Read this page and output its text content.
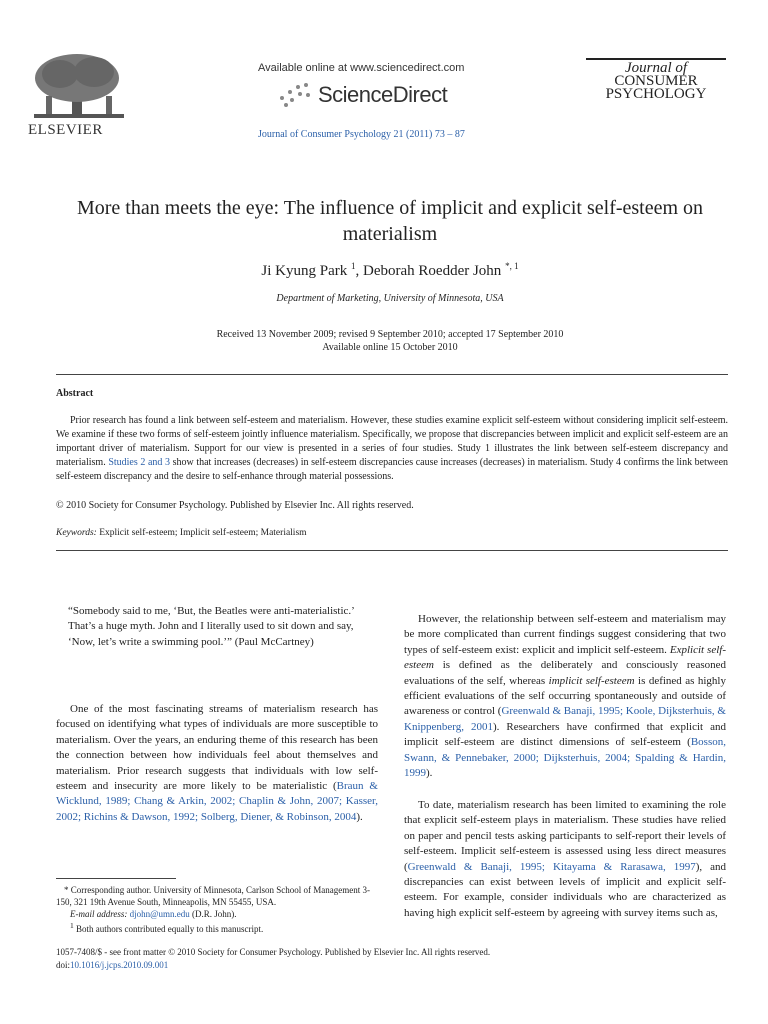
ELSEVIER
Available online at www.sciencedirect.com
ScienceDirect
Journal of Consumer Psychology 21 (2011) 73 – 87
Journal of
CONSUMER
PSYCHOLOGY
More than meets the eye: The influence of implicit and explicit self-esteem on materialism
Ji Kyung Park $^1$, Deborah Roedder John $^{*, 1}$
Department of Marketing, University of Minnesota, USA
Received 13 November 2009; revised 9 September 2010; accepted 17 September 2010
Available online 15 October 2010
Abstract
Prior research has found a link between self-esteem and materialism. However, these studies examine explicit self-esteem without considering implicit self-esteem. We examine if these two forms of self-esteem jointly influence materialism. Specifically, we propose that discrepancies between implicit and explicit self-esteem are an important driver of materialism. Support for our view is presented in a series of four studies. Study 1 illustrates the link between self-esteem discrepancy and materialism. Studies 2 and 3 show that increases (decreases) in self-esteem discrepancies cause increases (decreases) in materialism. Study 4 confirms the link between self-esteem discrepancy and the desire to self-enhance through material possessions.
© 2010 Society for Consumer Psychology. Published by Elsevier Inc. All rights reserved.
Keywords: Explicit self-esteem; Implicit self-esteem; Materialism
“Somebody said to me, ‘But, the Beatles were anti-materialistic.’ That’s a huge myth. John and I literally used to sit down and say, ‘Now, let’s write a swimming pool.’” (Paul McCartney)
One of the most fascinating streams of materialism research has focused on identifying what types of individuals are more susceptible to materialism. Over the years, an enduring theme of this research has been the connection between how individuals feel about themselves and materialism. Prior research suggests that individuals with low self-esteem and insecurity are more likely to be materialistic (Braun & Wicklund, 1989; Chang & Arkin, 2002; Chaplin & John, 2007; Kasser, 2002; Richins & Dawson, 1992; Solberg, Diener, & Robinson, 2004).
* Corresponding author. University of Minnesota, Carlson School of Management 3-150, 321 19th Avenue South, Minneapolis, MN 55455, USA.
E-mail address: djohn@umn.edu (D.R. John).
$^1$ Both authors contributed equally to this manuscript.
However, the relationship between self-esteem and materialism may be more complicated than current findings suggest considering that two types of self-esteem exist: explicit and implicit self-esteem. Explicit self-esteem is defined as the deliberately and consciously reasoned evaluations of the self, whereas implicit self-esteem is defined as highly efficient evaluations of the self occurring spontaneously and outside of awareness or control (Greenwald & Banaji, 1995; Koole, Dijksterhuis, & Knippenberg, 2001). Researchers have confirmed that explicit and implicit self-esteem are distinct dimensions of self-esteem (Bosson, Swann, & Pennebaker, 2000; Dijksterhuis, 2004; Spalding & Hardin, 1999).
To date, materialism research has been limited to examining the role that explicit self-esteem plays in materialism. These studies have relied on paper and pencil tests asking participants to self-report their levels of self-esteem. Implicit self-esteem is assessed using less direct measures (Greenwald & Banaji, 1995; Kitayama & Rarasawa, 1997), and discrepancies can exist between levels of implicit and explicit self-esteem. For example, consider individuals who are characterized as having high explicit self-esteem by agreeing with survey items such as,
1057-7408/$ - see front matter © 2010 Society for Consumer Psychology. Published by Elsevier Inc. All rights reserved.
doi:10.1016/j.jcps.2010.09.001
